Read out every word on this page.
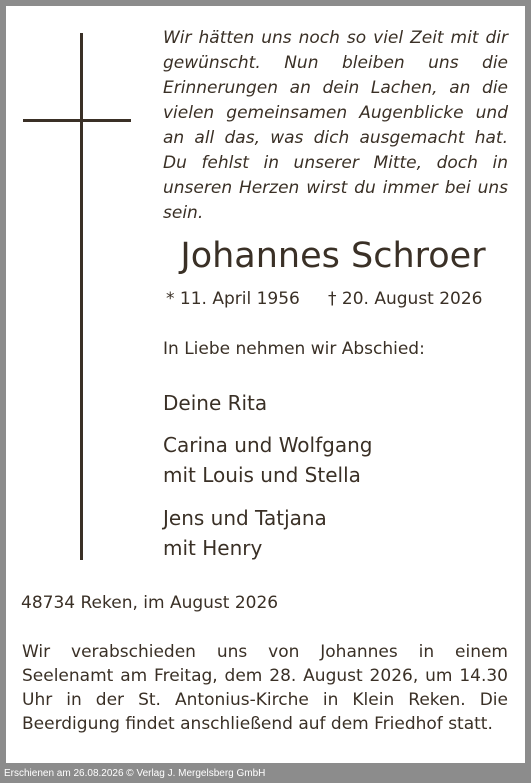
Wir hätten uns noch so viel Zeit mit dir gewünscht. Nun bleiben uns die Erinnerungen an dein Lachen, an die vielen gemeinsamen Augenblicke und an all das, was dich ausgemacht hat. Du fehlst in unserer Mitte, doch in unseren Herzen wirst du immer bei uns sein.

Johannes Schroer
* 11. April 1956 † 20. August 2026
In Liebe nehmen wir Abschied:
Deine Rita
Carina und Wolfgang
mit Louis und Stella
Jens und Tatjana
mit Henry
48734 Reken, im August 2026

Wir verabschieden uns von Johannes in einem Seelenamt am Freitag, dem 28. August 2026, um 14.30 Uhr in der St. Antonius-Kirche in Klein Reken. Die Beerdigung findet anschließend auf dem Friedhof statt.

Erschienen am 26.08.2026 © Verlag J. Mergelsberg GmbH
